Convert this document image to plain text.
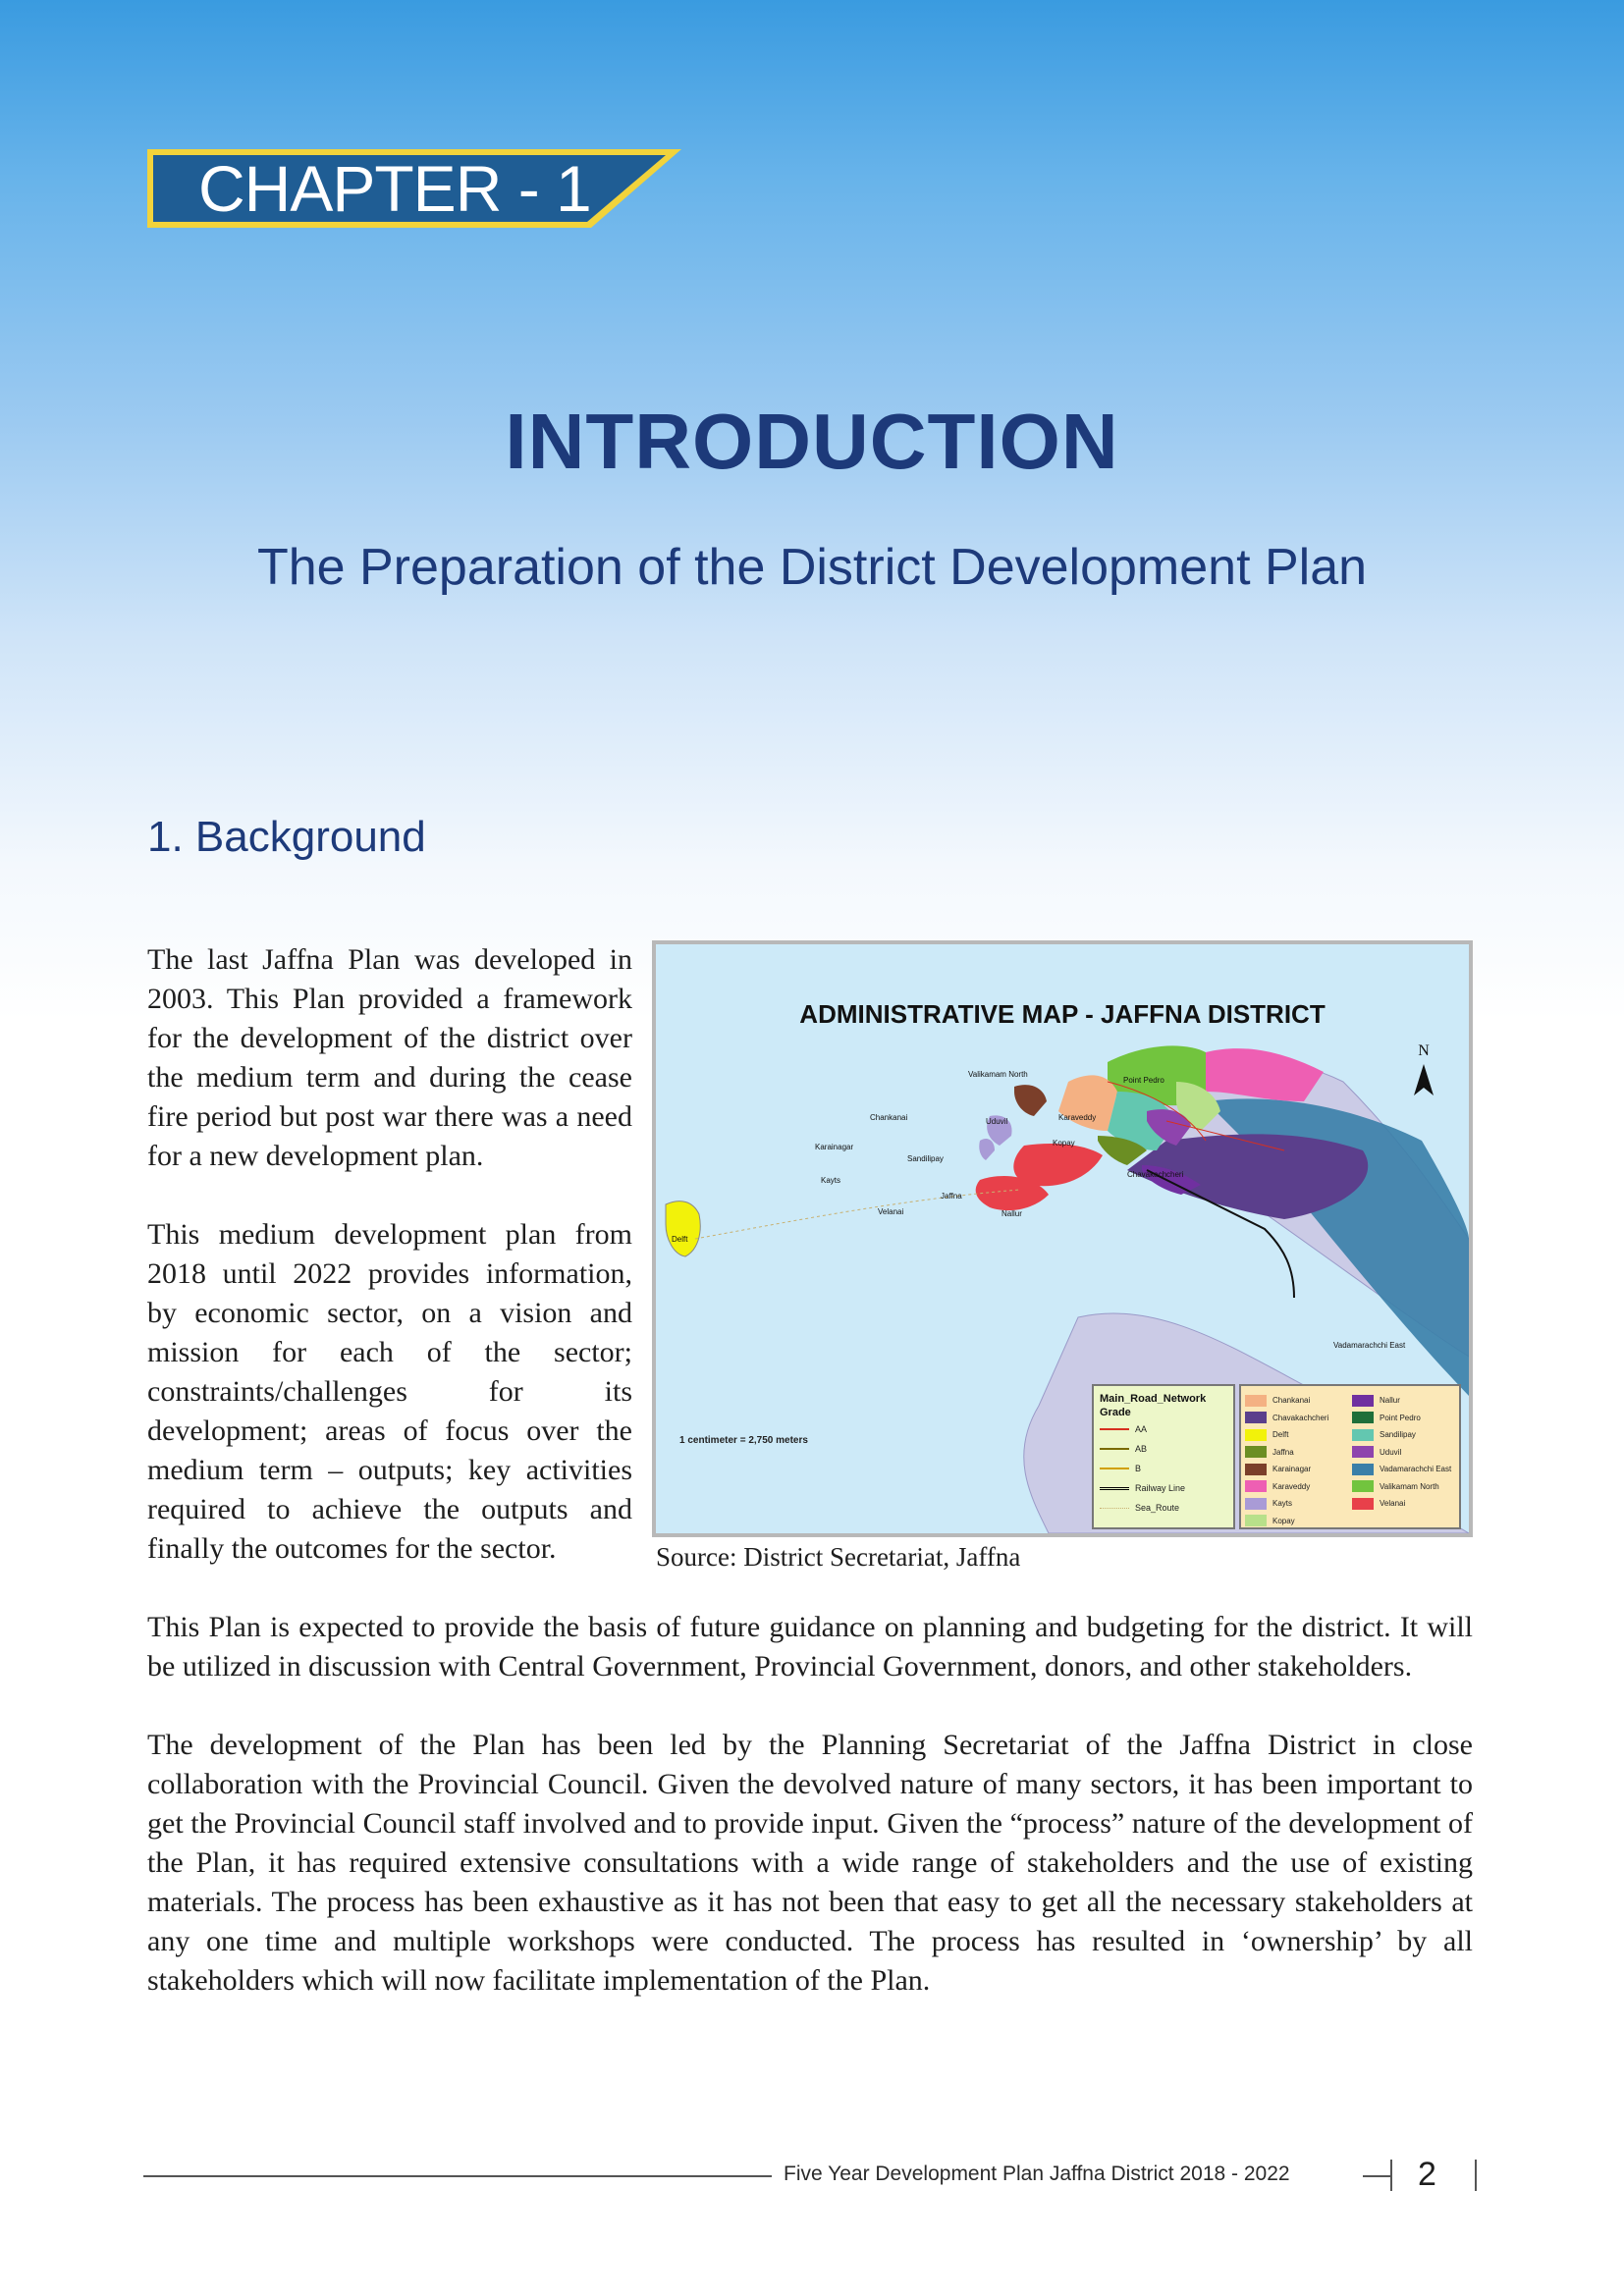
CHAPTER - 1
INTRODUCTION
The Preparation of the District Development Plan
1. Background

The last Jaffna Plan was developed in 2003. This Plan provided a framework for the development of the district over the medium term and during the cease fire period but post war there was a need for a new development plan.

This medium development plan from 2018 until 2022 provides information, by economic sector, on a vision and mission for each of the sector; constraints/challenges for its development; areas of focus over the medium term – outputs; key activities required to achieve the outputs and finally the outcomes for the sector.

ADMINISTRATIVE MAP - JAFFNA DISTRICT
N
Valikamam North
Point Pedro
Chankanai	Uduvil	Karaveddy
Karainagar
Sandilipay
Kopay
Kayts
Chavakachcheri
Jaffna
Nallur
Velanai
Delft
Vadamarachchi East
1 centimeter = 2,750 meters
Main_Road_Network
Grade
AA
AB
B
Railway Line
Sea_Route
Chankanai	Nallur
Chavakachcheri	Point Pedro
Delft	Sandilipay
Jaffna	Uduvil
Karainagar	Vadamarachchi East
Karaveddy	Valikamam North
Kayts	Velanai
Kopay
Source: District Secretariat, Jaffna

This Plan is expected to provide the basis of future guidance on planning and budgeting for the district. It will be utilized in discussion with Central Government, Provincial Government, donors, and other stakeholders.

The development of the Plan has been led by the Planning Secretariat of the Jaffna District in close collaboration with the Provincial Council. Given the devolved nature of many sectors, it has been important to get the Provincial Council staff involved and to provide input. Given the “process” nature of the development of the Plan, it has required extensive consultations with a wide range of stakeholders and the use of existing materials. The process has been exhaustive as it has not been that easy to get all the necessary stakeholders at any one time and multiple workshops were conducted. The process has resulted in ‘ownership’ by all stakeholders which will now facilitate implementation of the Plan.

Five Year Development Plan Jaffna District 2018 - 2022	2
